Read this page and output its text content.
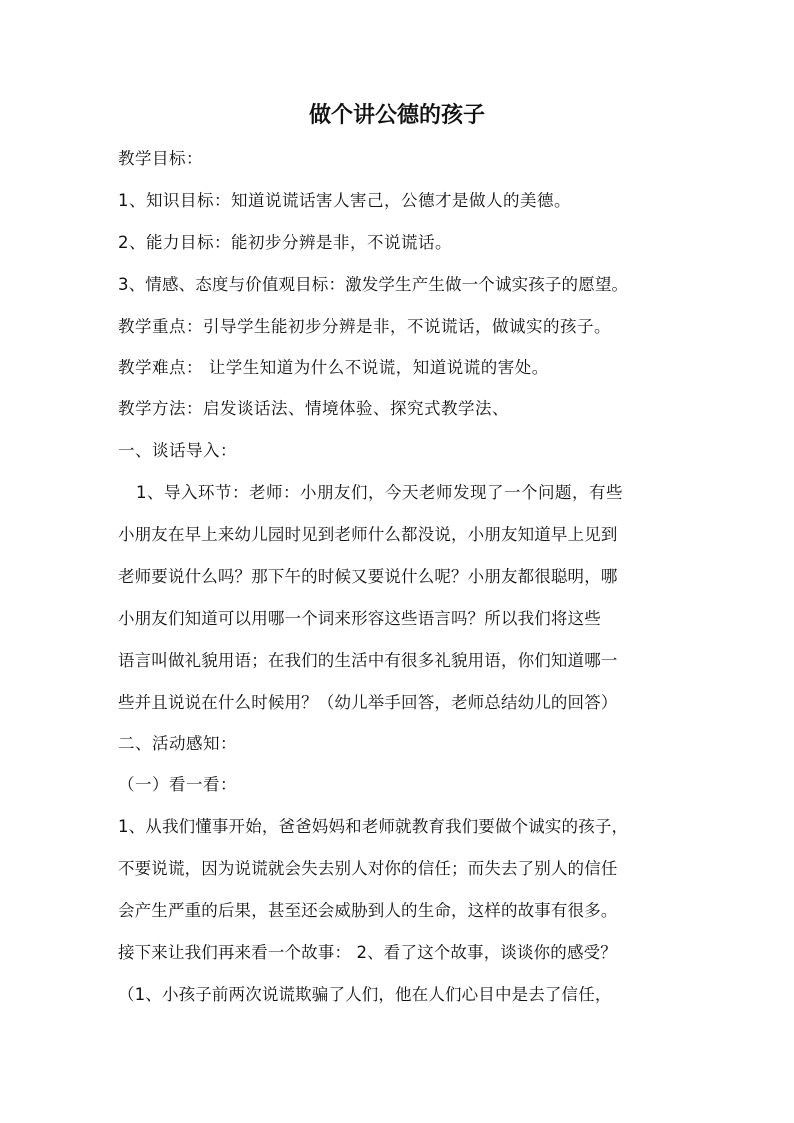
做个讲公德的孩子
教学目标：
1、知识目标：知道说谎话害人害己，公德才是做人的美德。
2、能力目标：能初步分辨是非，不说谎话。
3、情感、态度与价值观目标：激发学生产生做一个诚实孩子的愿望。
教学重点：引导学生能初步分辨是非，不说谎话，做诚实的孩子。
教学难点： 让学生知道为什么不说谎，知道说谎的害处。
教学方法：启发谈话法、情境体验、探究式教学法、
一、谈话导入：
1、导入环节：老师：小朋友们，今天老师发现了一个问题，有些
小朋友在早上来幼儿园时见到老师什么都没说，小朋友知道早上见到
老师要说什么吗？那下午的时候又要说什么呢？小朋友都很聪明，哪
小朋友们知道可以用哪一个词来形容这些语言吗？所以我们将这些
语言叫做礼貌用语；在我们的生活中有很多礼貌用语，你们知道哪一
些并且说说在什么时候用？（幼儿举手回答，老师总结幼儿的回答）
二、活动感知：
（一）看一看：
1、从我们懂事开始，爸爸妈妈和老师就教育我们要做个诚实的孩子，
不要说谎，因为说谎就会失去别人对你的信任；而失去了别人的信任
会产生严重的后果，甚至还会威胁到人的生命，这样的故事有很多。
接下来让我们再来看一个故事： 2、看了这个故事，谈谈你的感受？
（1、小孩子前两次说谎欺骗了人们，他在人们心目中是去了信任，
